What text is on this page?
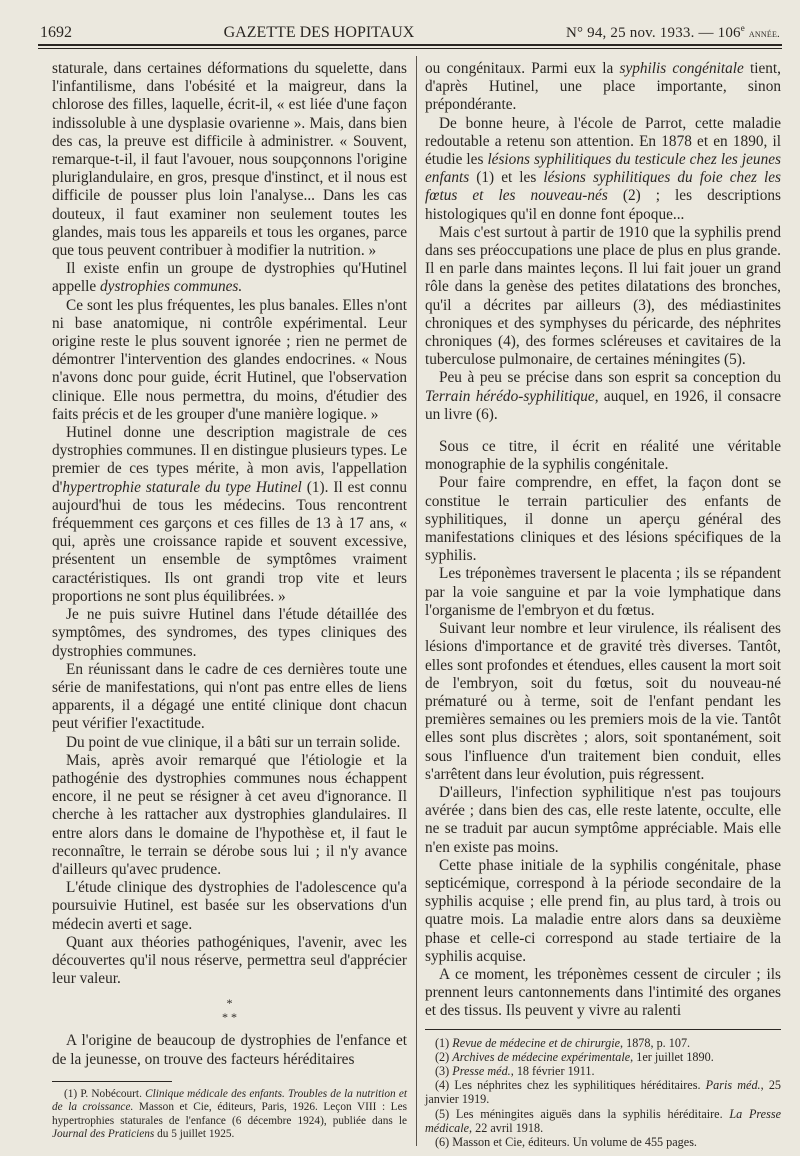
1692	GAZETTE DES HOPITAUX	N° 94, 25 nov. 1933. — 106e année.

staturale, dans certaines déformations du squelette, dans l'infantilisme, dans l'obésité et la maigreur, dans la chlorose des filles, laquelle, écrit-il, « est liée d'une façon indissoluble à une dysplasie ovarienne ». Mais, dans bien des cas, la preuve est difficile à administrer. « Souvent, remarque-t-il, il faut l'avouer, nous soupçonnons l'origine pluriglandulaire, en gros, presque d'instinct, et il nous est difficile de pousser plus loin l'analyse... Dans les cas douteux, il faut examiner non seulement toutes les glandes, mais tous les appareils et tous les organes, parce que tous peuvent contribuer à modifier la nutrition. »

Il existe enfin un groupe de dystrophies qu'Hutinel appelle dystrophies communes.

Ce sont les plus fréquentes, les plus banales. Elles n'ont ni base anatomique, ni contrôle expérimental. Leur origine reste le plus souvent ignorée ; rien ne permet de démontrer l'intervention des glandes endocrines. « Nous n'avons donc pour guide, écrit Hutinel, que l'observation clinique. Elle nous permettra, du moins, d'étudier des faits précis et de les grouper d'une manière logique. »

Hutinel donne une description magistrale de ces dystrophies communes. Il en distingue plusieurs types. Le premier de ces types mérite, à mon avis, l'appellation d'hypertrophie staturale du type Hutinel (1). Il est connu aujourd'hui de tous les médecins. Tous rencontrent fréquemment ces garçons et ces filles de 13 à 17 ans, « qui, après une croissance rapide et souvent excessive, présentent un ensemble de symptômes vraiment caractéristiques. Ils ont grandi trop vite et leurs proportions ne sont plus équilibrées. »

Je ne puis suivre Hutinel dans l'étude détaillée des symptômes, des syndromes, des types cliniques des dystrophies communes.

En réunissant dans le cadre de ces dernières toute une série de manifestations, qui n'ont pas entre elles de liens apparents, il a dégagé une entité clinique dont chacun peut vérifier l'exactitude.

Du point de vue clinique, il a bâti sur un terrain solide.

Mais, après avoir remarqué que l'étiologie et la pathogénie des dystrophies communes nous échappent encore, il ne peut se résigner à cet aveu d'ignorance. Il cherche à les rattacher aux dystrophies glandulaires. Il entre alors dans le domaine de l'hypothèse et, il faut le reconnaître, le terrain se dérobe sous lui ; il n'y avance d'ailleurs qu'avec prudence.

L'étude clinique des dystrophies de l'adolescence qu'a poursuivie Hutinel, est basée sur les observations d'un médecin averti et sage.

Quant aux théories pathogéniques, l'avenir, avec les découvertes qu'il nous réserve, permettra seul d'apprécier leur valeur.

*
* *

A l'origine de beaucoup de dystrophies de l'enfance et de la jeunesse, on trouve des facteurs héréditaires

(1) P. Nobécourt. Clinique médicale des enfants. Troubles de la nutrition et de la croissance. Masson et Cie, éditeurs, Paris, 1926. Leçon VIII : Les hypertrophies staturales de l'enfance (6 décembre 1924), publiée dans le Journal des Praticiens du 5 juillet 1925.

ou congénitaux. Parmi eux la syphilis congénitale tient, d'après Hutinel, une place importante, sinon prépondérante.

De bonne heure, à l'école de Parrot, cette maladie redoutable a retenu son attention. En 1878 et en 1890, il étudie les lésions syphilitiques du testicule chez les jeunes enfants (1) et les lésions syphilitiques du foie chez les fœtus et les nouveau-nés (2) ; les descriptions histologiques qu'il en donne font époque...

Mais c'est surtout à partir de 1910 que la syphilis prend dans ses préoccupations une place de plus en plus grande. Il en parle dans maintes leçons. Il lui fait jouer un grand rôle dans la genèse des petites dilatations des bronches, qu'il a décrites par ailleurs (3), des médiastinites chroniques et des symphyses du péricarde, des néphrites chroniques (4), des formes scléreuses et cavitaires de la tuberculose pulmonaire, de certaines méningites (5).

Peu à peu se précise dans son esprit sa conception du Terrain hérédo-syphilitique, auquel, en 1926, il consacre un livre (6).

Sous ce titre, il écrit en réalité une véritable monographie de la syphilis congénitale.

Pour faire comprendre, en effet, la façon dont se constitue le terrain particulier des enfants de syphilitiques, il donne un aperçu général des manifestations cliniques et des lésions spécifiques de la syphilis.

Les tréponèmes traversent le placenta ; ils se répandent par la voie sanguine et par la voie lymphatique dans l'organisme de l'embryon et du fœtus.

Suivant leur nombre et leur virulence, ils réalisent des lésions d'importance et de gravité très diverses. Tantôt, elles sont profondes et étendues, elles causent la mort soit de l'embryon, soit du fœtus, soit du nouveau-né prématuré ou à terme, soit de l'enfant pendant les premières semaines ou les premiers mois de la vie. Tantôt elles sont plus discrètes ; alors, soit spontanément, soit sous l'influence d'un traitement bien conduit, elles s'arrêtent dans leur évolution, puis régressent.

D'ailleurs, l'infection syphilitique n'est pas toujours avérée ; dans bien des cas, elle reste latente, occulte, elle ne se traduit par aucun symptôme appréciable. Mais elle n'en existe pas moins.

Cette phase initiale de la syphilis congénitale, phase septicémique, correspond à la période secondaire de la syphilis acquise ; elle prend fin, au plus tard, à trois ou quatre mois. La maladie entre alors dans sa deuxième phase et celle-ci correspond au stade tertiaire de la syphilis acquise.

A ce moment, les tréponèmes cessent de circuler ; ils prennent leurs cantonnements dans l'intimité des organes et des tissus. Ils peuvent y vivre au ralenti

(1) Revue de médecine et de chirurgie, 1878, p. 107.

(2) Archives de médecine expérimentale, 1er juillet 1890.

(3) Presse méd., 18 février 1911.

(4) Les néphrites chez les syphilitiques héréditaires. Paris méd., 25 janvier 1919.

(5) Les méningites aiguës dans la syphilis héréditaire. La Presse médicale, 22 avril 1918.

(6) Masson et Cie, éditeurs. Un volume de 455 pages.
